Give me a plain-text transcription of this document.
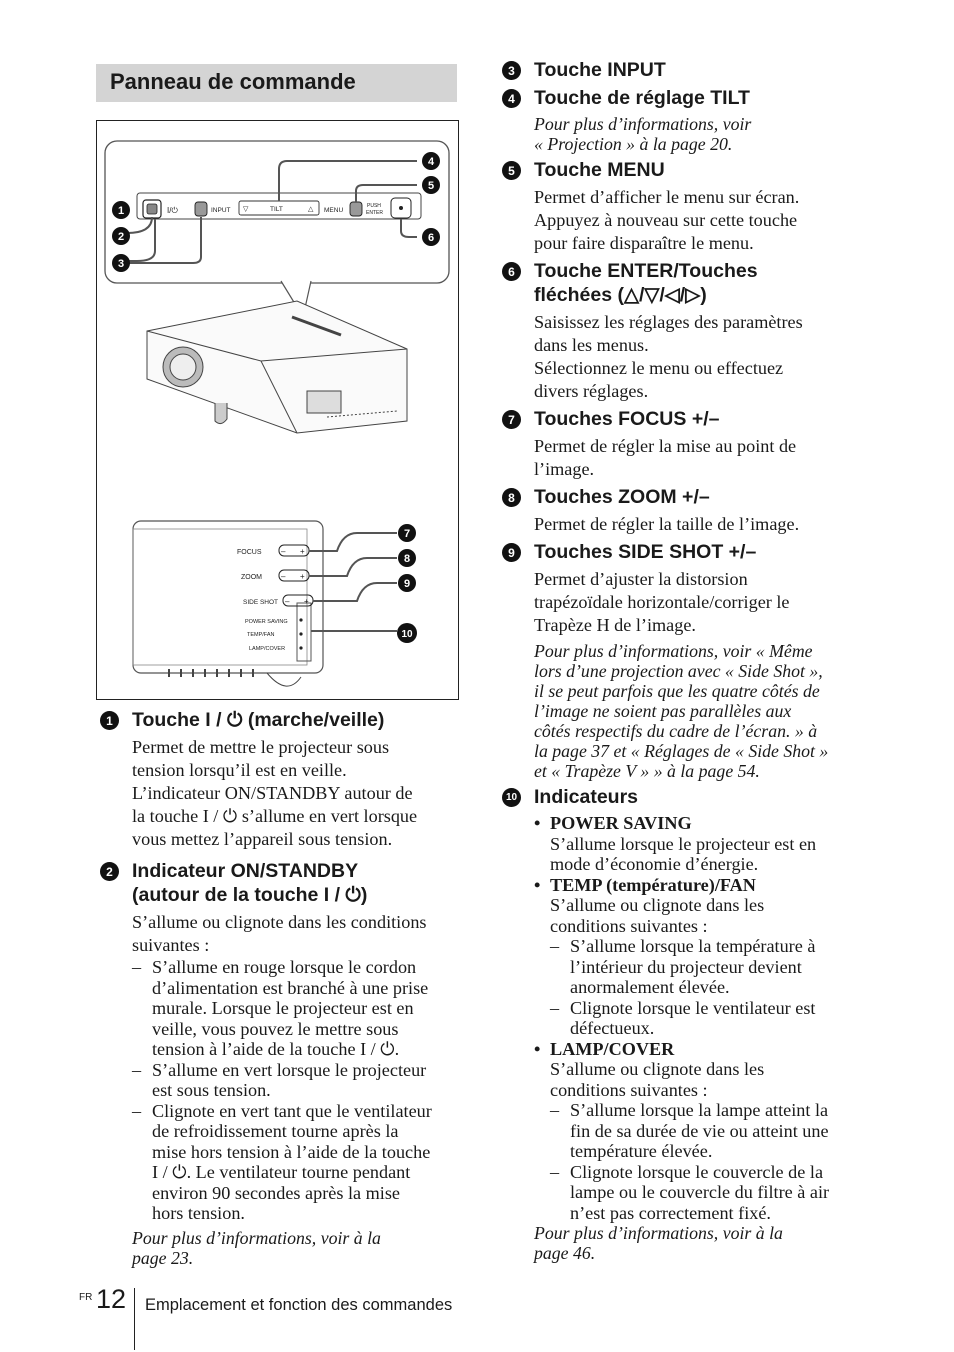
Panneau de commande
I/⏻	INPUT	TILT
▽	△ MENU
PUSH
ENTER
4
5
1
6
2
3
FOCUS – +
ZOOM – +
SIDE SHOT – +
POWER SAVING
TEMP/FAN
LAMP/COVER
7
8
9
10
1 Touche I / ⏻ (marche/veille)
Permet de mettre le projecteur sous
tension lorsqu’il est en veille.
L’indicateur ON/STANDBY autour de
la touche I / ⏻ s’allume en vert lorsque
vous mettez l’appareil sous tension.
2 Indicateur ON/STANDBY
(autour de la touche I / ⏻)
S’allume ou clignote dans les conditions
suivantes :
– S’allume en rouge lorsque le cordon
d’alimentation est branché à une prise
murale. Lorsque le projecteur est en
veille, vous pouvez le mettre sous
tension à l’aide de la touche I / ⏻.
– S’allume en vert lorsque le projecteur
est sous tension.
– Clignote en vert tant que le ventilateur
de refroidissement tourne après la
mise hors tension à l’aide de la touche
I / ⏻. Le ventilateur tourne pendant
environ 90 secondes après la mise
hors tension.
Pour plus d’informations, voir à la
page 23.
3 Touche INPUT
4 Touche de réglage TILT
Pour plus d’informations, voir
« Projection » à la page 20.
5 Touche MENU
Permet d’afficher le menu sur écran.
Appuyez à nouveau sur cette touche
pour faire disparaître le menu.
6 Touche ENTER/Touches
fléchées (△/▽/◁/▷)
Saisissez les réglages des paramètres
dans les menus.
Sélectionnez le menu ou effectuez
divers réglages.
7 Touches FOCUS +/–
Permet de régler la mise au point de
l’image.
8 Touches ZOOM +/–
Permet de régler la taille de l’image.
9 Touches SIDE SHOT +/–
Permet d’ajuster la distorsion
trapézoïdale horizontale/corriger le
Trapèze H de l’image.
Pour plus d’informations, voir « Même
lors d’une projection avec « Side Shot »,
il se peut parfois que les quatre côtés de
l’image ne soient pas parallèles aux
côtés respectifs du cadre de l’écran. » à
la page 37 et « Réglages de « Side Shot »
et « Trapèze V » » à la page 54.
10 Indicateurs
• POWER SAVING
S’allume lorsque le projecteur est en
mode d’économie d’énergie.
• TEMP (température)/FAN
S’allume ou clignote dans les
conditions suivantes :
– S’allume lorsque la température à
l’intérieur du projecteur devient
anormalement élevée.
– Clignote lorsque le ventilateur est
défectueux.
• LAMP/COVER
S’allume ou clignote dans les
conditions suivantes :
– S’allume lorsque la lampe atteint la
fin de sa durée de vie ou atteint une
température élevée.
– Clignote lorsque le couvercle de la
lampe ou le couvercle du filtre à air
n’est pas correctement fixé.
Pour plus d’informations, voir à la
page 46.
FR 12 Emplacement et fonction des commandes
